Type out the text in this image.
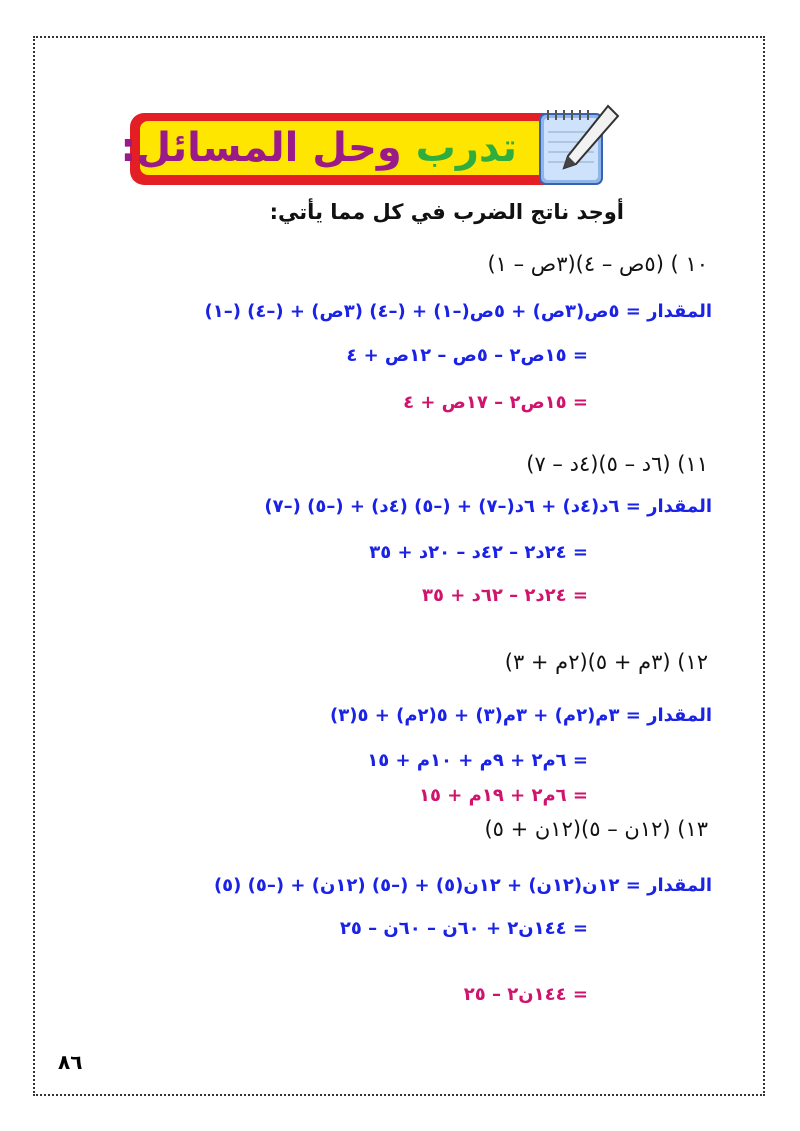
تدرب وحل المسائل:
أوجد ناتج الضرب في كل مما يأتي:
١٠ ) (٥ص – ٤)(٣ص – ١)
المقدار = ٥ص(٣ص) + ٥ص(–١) + (–٤) (٣ص) + (–٤) (–١)
= ١٥ص٢ – ٥ص – ١٢ص + ٤
= ١٥ص٢ – ١٧ص + ٤
١١) (٦د – ٥)(٤د – ٧)
المقدار = ٦د(٤د) + ٦د(–٧) + (–٥) (٤د) + (–٥) (–٧)
= ٢٤د٢ – ٤٢د – ٢٠د + ٣٥
= ٢٤د٢ – ٦٢د + ٣٥
١٢) (٣م + ٥)(٢م + ٣)
المقدار = ٣م(٢م) + ٣م(٣) + ٥(٢م) + ٥(٣)
= ٦م٢ + ٩م + ١٠م + ١٥
= ٦م٢ + ١٩م + ١٥
١٣) (١٢ن – ٥)(١٢ن + ٥)
المقدار = ١٢ن(١٢ن) + ١٢ن(٥) + (–٥) (١٢ن) + (–٥) (٥)
= ١٤٤ن٢ + ٦٠ن – ٦٠ن – ٢٥
= ١٤٤ن٢ – ٢٥
٨٦
